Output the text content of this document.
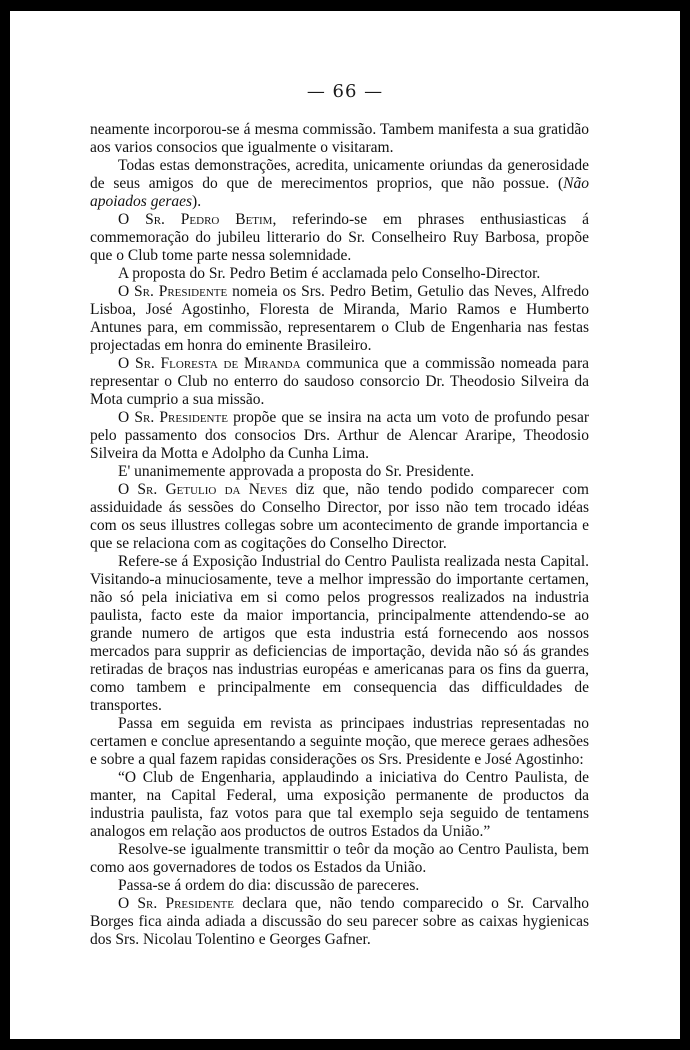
— 66 —

neamente incorporou-se á mesma commissão. Tambem manifesta a sua gratidão aos varios consocios que igualmente o visitaram.

Todas estas demonstrações, acredita, unicamente oriundas da generosidade de seus amigos do que de merecimentos proprios, que não possue. (Não apoiados geraes).

O Sr. Pedro Betim, referindo-se em phrases enthusiasticas á commemoração do jubileu litterario do Sr. Conselheiro Ruy Barbosa, propõe que o Club tome parte nessa solemnidade.

A proposta do Sr. Pedro Betim é acclamada pelo Conselho-Director.

O Sr. Presidente nomeia os Srs. Pedro Betim, Getulio das Neves, Alfredo Lisboa, José Agostinho, Floresta de Miranda, Mario Ramos e Humberto Antunes para, em commissão, representarem o Club de Engenharia nas festas projectadas em honra do eminente Brasileiro.

O Sr. Floresta de Miranda communica que a commissão nomeada para representar o Club no enterro do saudoso consorcio Dr. Theodosio Silveira da Mota cumprio a sua missão.

O Sr. Presidente propõe que se insira na acta um voto de profundo pesar pelo passamento dos consocios Drs. Arthur de Alencar Araripe, Theodosio Silveira da Motta e Adolpho da Cunha Lima.

E' unanimemente approvada a proposta do Sr. Presidente.

O Sr. Getulio da Neves diz que, não tendo podido comparecer com assiduidade ás sessões do Conselho Director, por isso não tem trocado idéas com os seus illustres collegas sobre um acontecimento de grande importancia e que se relaciona com as cogitações do Conselho Director.

Refere-se á Exposição Industrial do Centro Paulista realizada nesta Capital. Visitando-a minuciosamente, teve a melhor impressão do importante certamen, não só pela iniciativa em si como pelos progressos realizados na industria paulista, facto este da maior importancia, principalmente attendendo-se ao grande numero de artigos que esta industria está fornecendo aos nossos mercados para supprir as deficiencias de importação, devida não só ás grandes retiradas de braços nas industrias européas e americanas para os fins da guerra, como tambem e principalmente em consequencia das difficuldades de transportes.

Passa em seguida em revista as principaes industrias representadas no certamen e conclue apresentando a seguinte moção, que merece geraes adhesões e sobre a qual fazem rapidas considerações os Srs. Presidente e José Agostinho:

“O Club de Engenharia, applaudindo a iniciativa do Centro Paulista, de manter, na Capital Federal, uma exposição permanente de productos da industria paulista, faz votos para que tal exemplo seja seguido de tentamens analogos em relação aos productos de outros Estados da União.”

Resolve-se igualmente transmittir o teôr da moção ao Centro Paulista, bem como aos governadores de todos os Estados da União.

Passa-se á ordem do dia: discussão de pareceres.

O Sr. Presidente declara que, não tendo comparecido o Sr. Carvalho Borges fica ainda adiada a discussão do seu parecer sobre as caixas hygienicas dos Srs. Nicolau Tolentino e Georges Gafner.
